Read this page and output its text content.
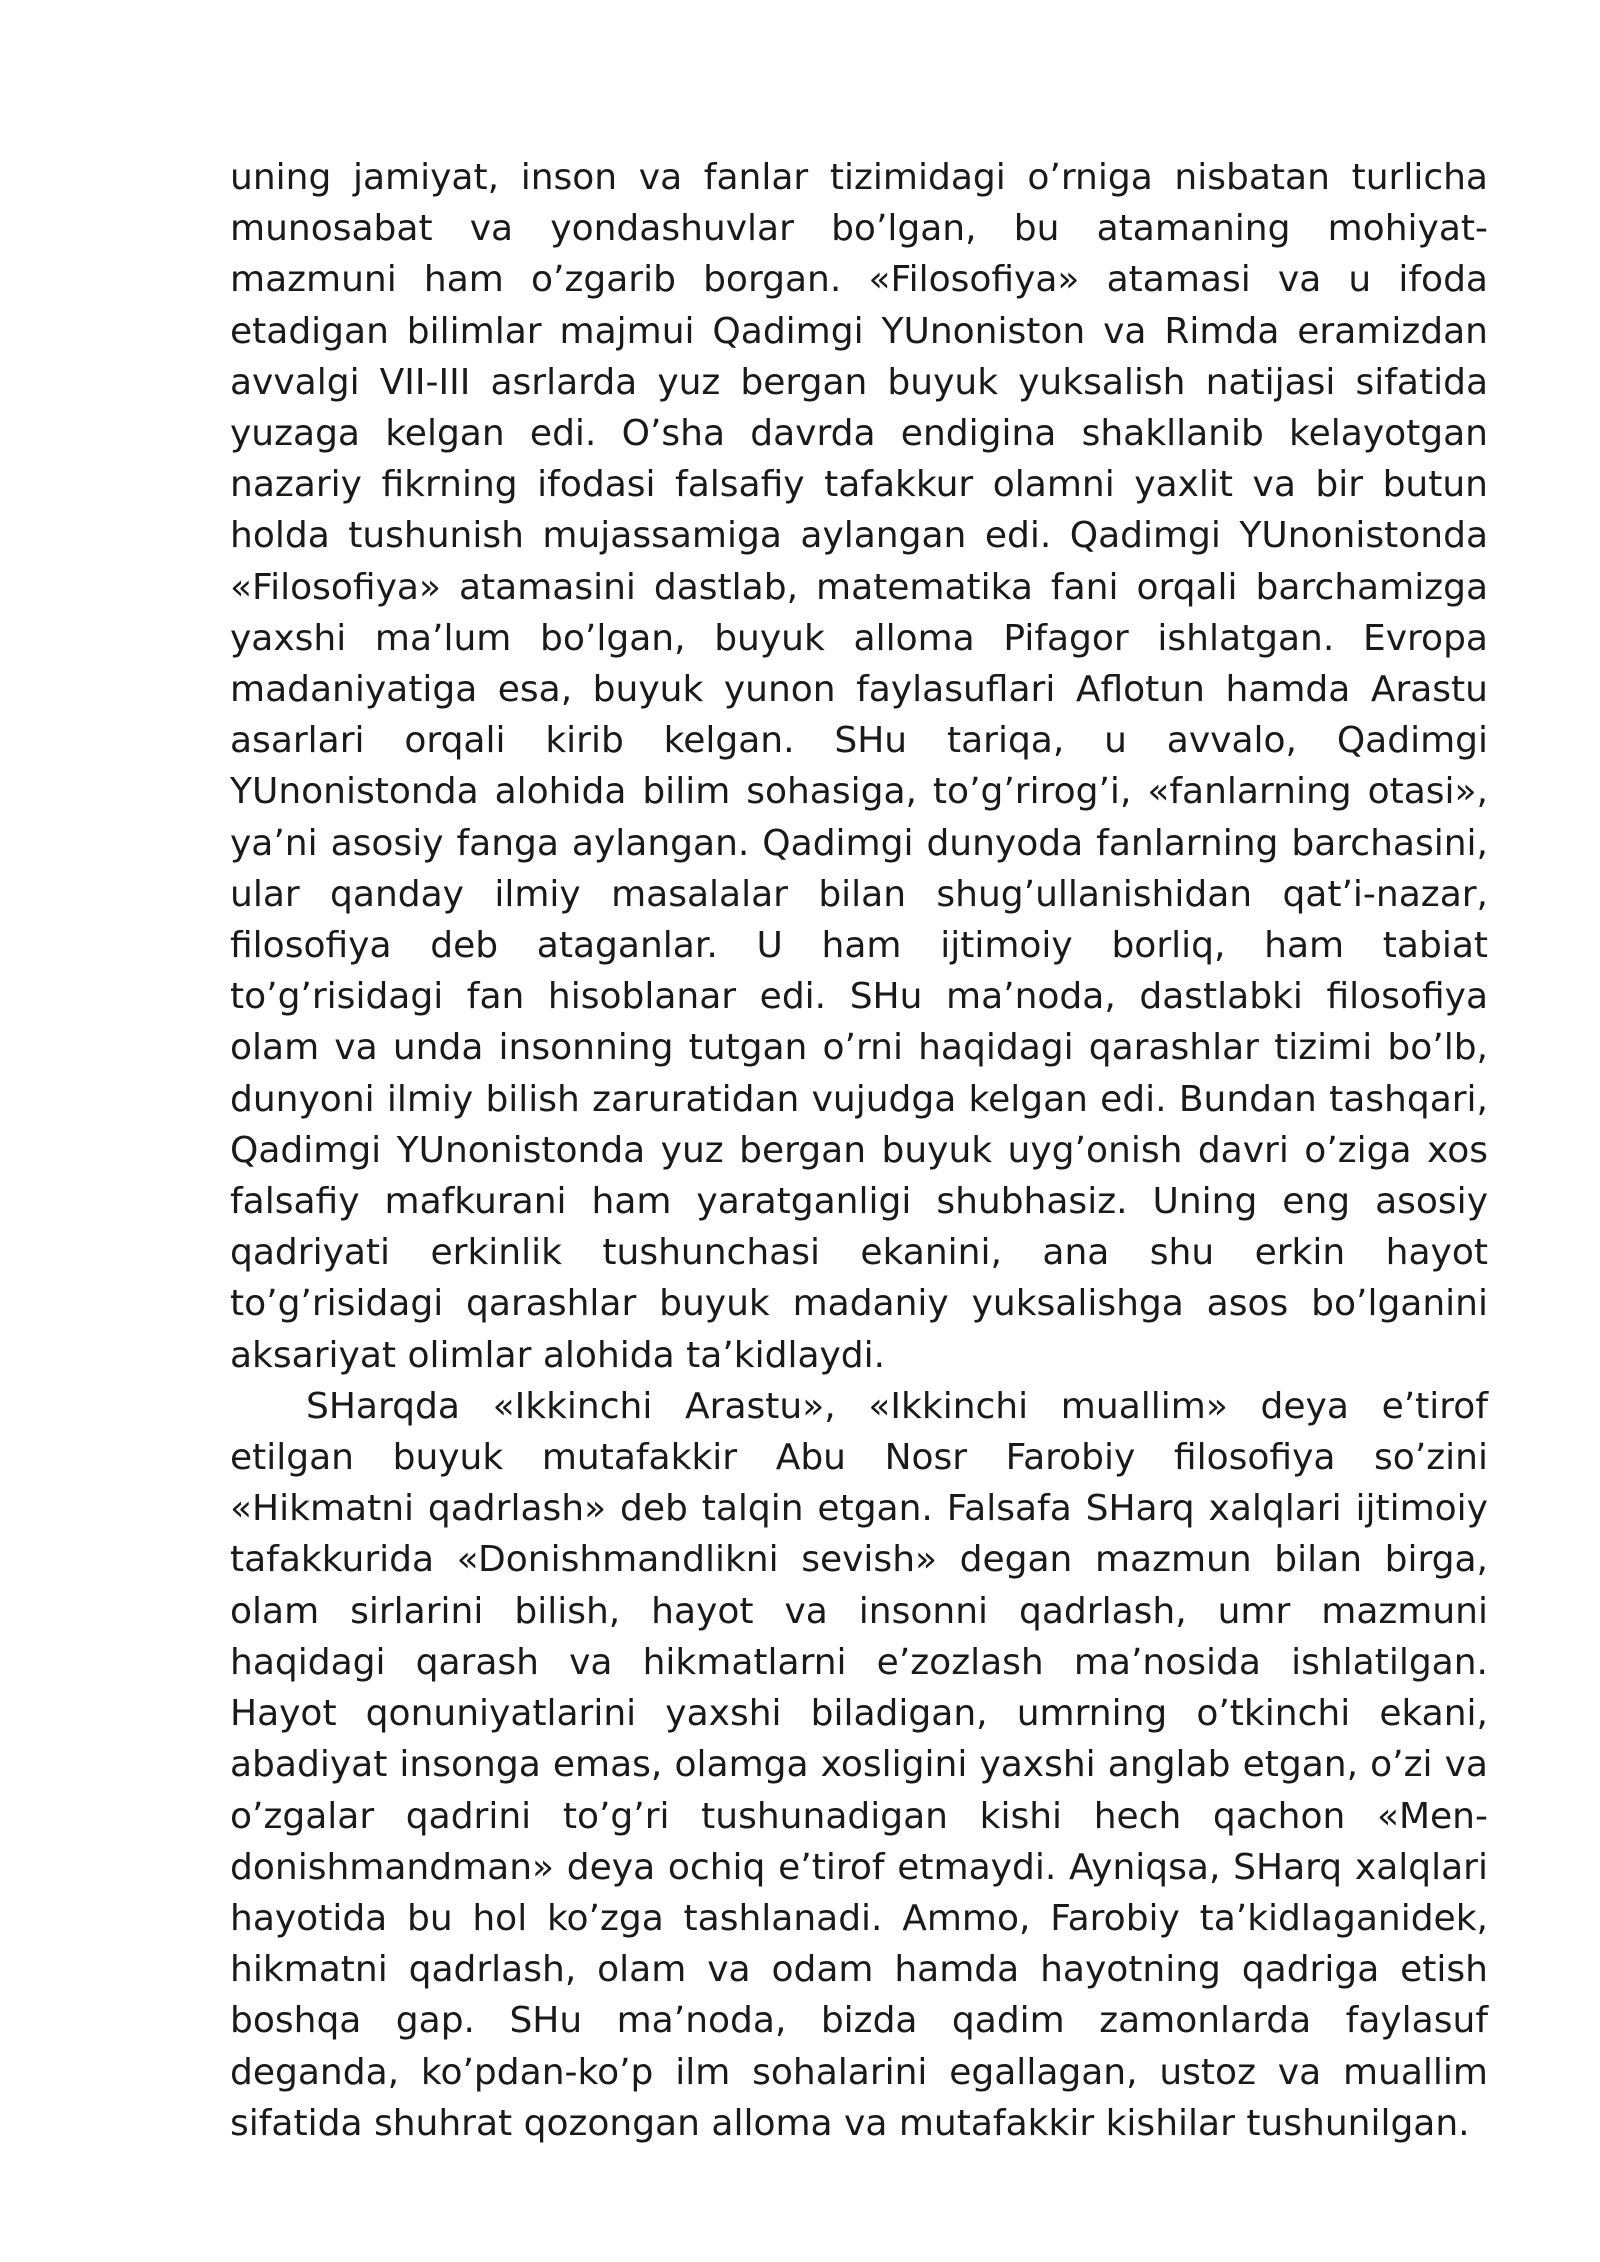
uning jamiyat, inson va fanlar tizimidagi o’rniga nisbatan turlicha munosabat va yondashuvlar bo’lgan, bu atamaning mohiyat-mazmuni ham o’zgarib borgan. «Filosofiya» atamasi va u ifoda etadigan bilimlar majmui Qadimgi YUnoniston va Rimda eramizdan avvalgi VII-III asrlarda yuz bergan buyuk yuksalish natijasi sifatida yuzaga kelgan edi. O’sha davrda endigina shakllanib kelayotgan nazariy fikrning ifodasi falsafiy tafakkur olamni yaxlit va bir butun holda tushunish mujassamiga aylangan edi. Qadimgi YUnonistonda «Filosofiya» atamasini dastlab, matematika fani orqali barchamizga yaxshi ma’lum bo’lgan, buyuk alloma Pifagor ishlatgan. Evropa madaniyatiga esa, buyuk yunon faylasuflari Aflotun hamda Arastu asarlari orqali kirib kelgan. SHu tariqa, u avvalo, Qadimgi YUnonistonda alohida bilim sohasiga, to’g’rirog’i, «fanlarning otasi», ya’ni asosiy fanga aylangan. Qadimgi dunyoda fanlarning barchasini, ular qanday ilmiy masalalar bilan shug’ullanishidan qat’i-nazar, filosofiya deb ataganlar. U ham ijtimoiy borliq, ham tabiat to’g’risidagi fan hisoblanar edi. SHu ma’noda, dastlabki filosofiya olam va unda insonning tutgan o’rni haqidagi qarashlar tizimi bo’lb, dunyoni ilmiy bilish zaruratidan vujudga kelgan edi. Bundan tashqari, Qadimgi YUnonistonda yuz bergan buyuk uyg’onish davri o’ziga xos falsafiy mafkurani ham yaratganligi shubhasiz. Uning eng asosiy qadriyati erkinlik tushunchasi ekanini, ana shu erkin hayot to’g’risidagi qarashlar buyuk madaniy yuksalishga asos bo’lganini aksariyat olimlar alohida ta’kidlaydi.

SHarqda «Ikkinchi Arastu», «Ikkinchi muallim» deya e’tirof etilgan buyuk mutafakkir Abu Nosr Farobiy filosofiya so’zini «Hikmatni qadrlash» deb talqin etgan. Falsafa SHarq xalqlari ijtimoiy tafakkurida «Donishmandlikni sevish» degan mazmun bilan birga, olam sirlarini bilish, hayot va insonni qadrlash, umr mazmuni haqidagi qarash va hikmatlarni e’zozlash ma’nosida ishlatilgan. Hayot qonuniyatlarini yaxshi biladigan, umrning o’tkinchi ekani, abadiyat insonga emas, olamga xosligini yaxshi anglab etgan, o’zi va o’zgalar qadrini to’g’ri tushunadigan kishi hech qachon «Men-donishmandman» deya ochiq e’tirof etmaydi. Ayniqsa, SHarq xalqlari hayotida bu hol ko’zga tashlanadi. Ammo, Farobiy ta’kidlaganidek, hikmatni qadrlash, olam va odam hamda hayotning qadriga etish boshqa gap. SHu ma’noda, bizda qadim zamonlarda faylasuf deganda, ko’pdan-ko’p ilm sohalarini egallagan, ustoz va muallim sifatida shuhrat qozongan alloma va mutafakkir kishilar tushunilgan.
